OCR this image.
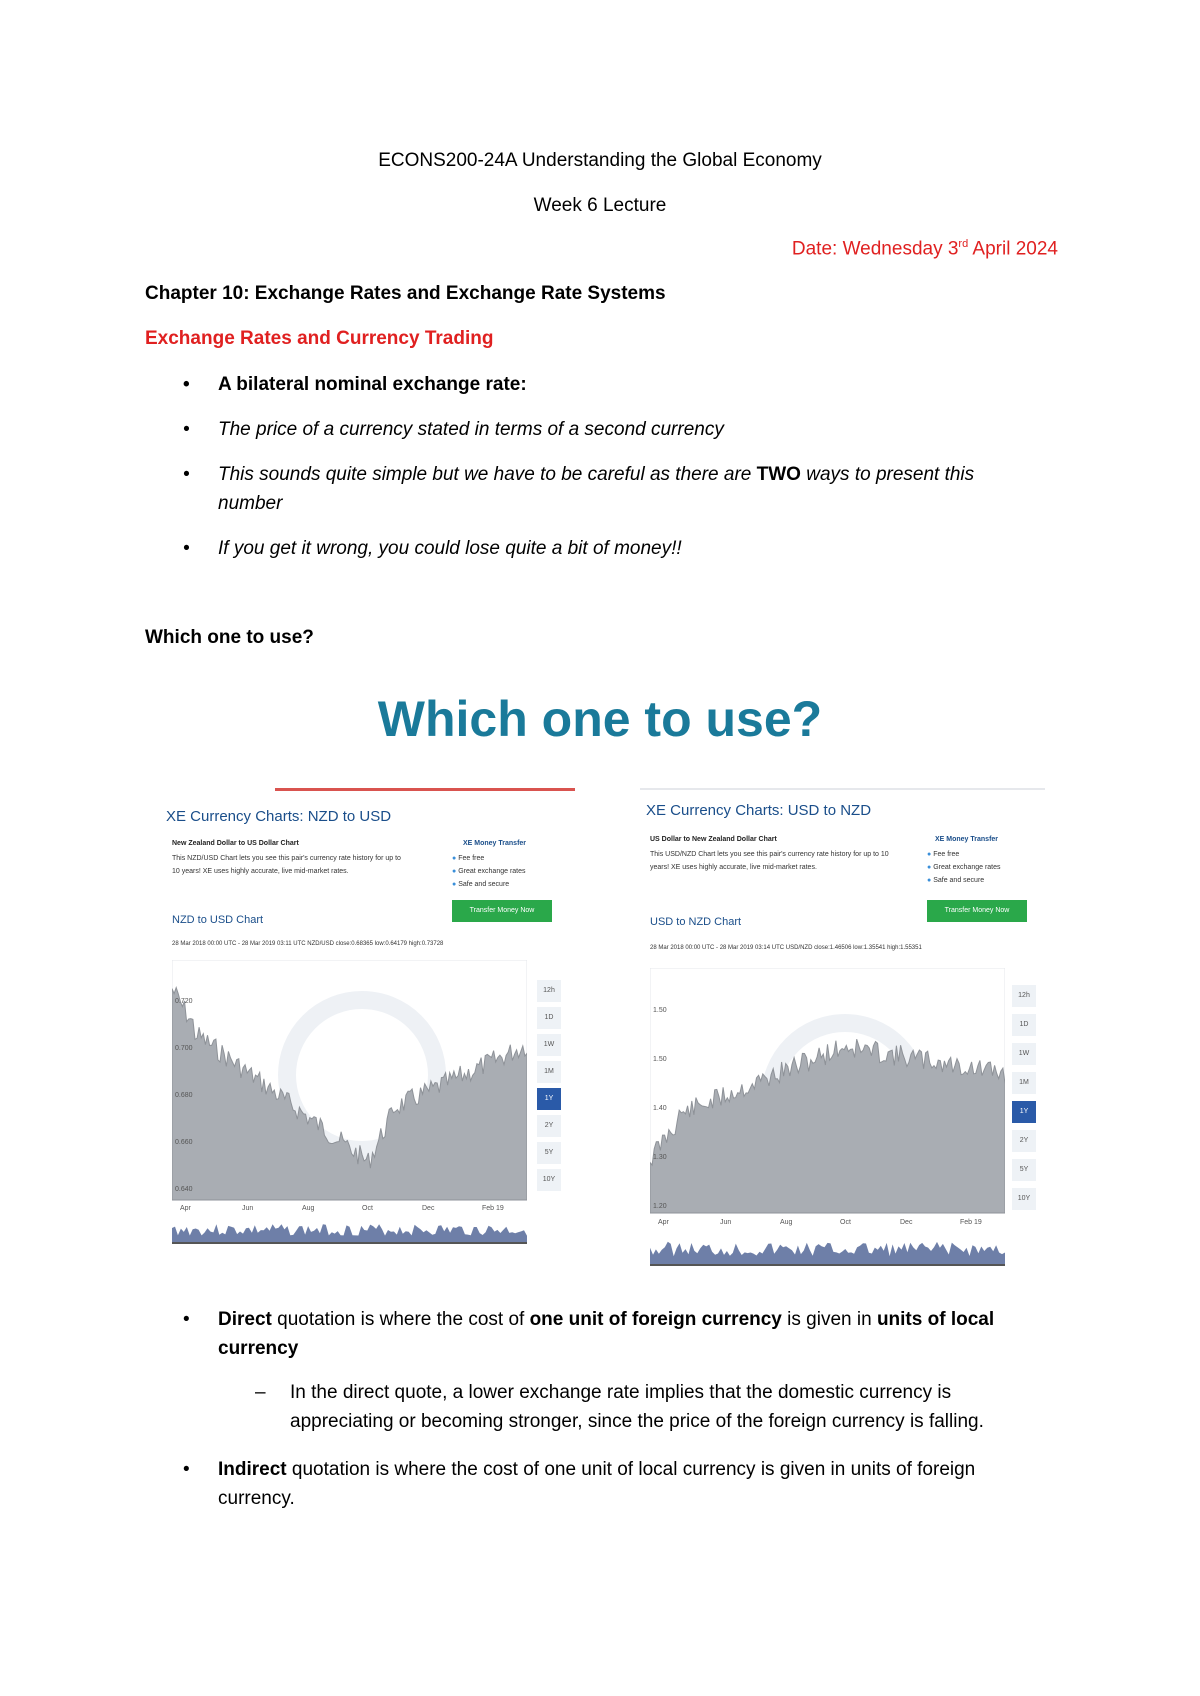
ECONS200-24A Understanding the Global Economy
Week 6 Lecture
Date: Wednesday 3rd April 2024
Chapter 10: Exchange Rates and Exchange Rate Systems
Exchange Rates and Currency Trading
• A bilateral nominal exchange rate:
• The price of a currency stated in terms of a second currency
• This sounds quite simple but we have to be careful as there are TWO ways to present this number
• If you get it wrong, you could lose quite a bit of money!!
Which one to use?
Which one to use?
XE Currency Charts: NZD to USD
New Zealand Dollar to US Dollar Chart
This NZD/USD Chart lets you see this pair's currency rate history for up to 10 years! XE uses highly accurate, live mid-market rates.
XE Money Transfer
● Fee free
● Great exchange rates
● Safe and secure
Transfer Money Now
NZD to USD Chart
28 Mar 2018 00:00 UTC - 28 Mar 2019 03:11 UTC NZD/USD close:0.68365 low:0.64179 high:0.73728
0.720
0.700
0.680
0.660
0.640
Apr	Jun	Aug	Oct	Dec	Feb 19
12h
1D
1W
1M
1Y
2Y
5Y
10Y
XE Currency Charts: USD to NZD
US Dollar to New Zealand Dollar Chart
This USD/NZD Chart lets you see this pair's currency rate history for up to 10 years! XE uses highly accurate, live mid-market rates.
XE Money Transfer
● Fee free
● Great exchange rates
● Safe and secure
Transfer Money Now
USD to NZD Chart
28 Mar 2018 00:00 UTC - 28 Mar 2019 03:14 UTC USD/NZD close:1.46506 low:1.35541 high:1.55351
1.50
1.50
1.40
1.30
1.20
Apr	Jun	Aug	Oct	Dec	Feb 19
12h
1D
1W
1M
1Y
2Y
5Y
10Y
• Direct quotation is where the cost of one unit of foreign currency is given in units of local currency
– In the direct quote, a lower exchange rate implies that the domestic currency is appreciating or becoming stronger, since the price of the foreign currency is falling.
• Indirect quotation is where the cost of one unit of local currency is given in units of foreign currency.
